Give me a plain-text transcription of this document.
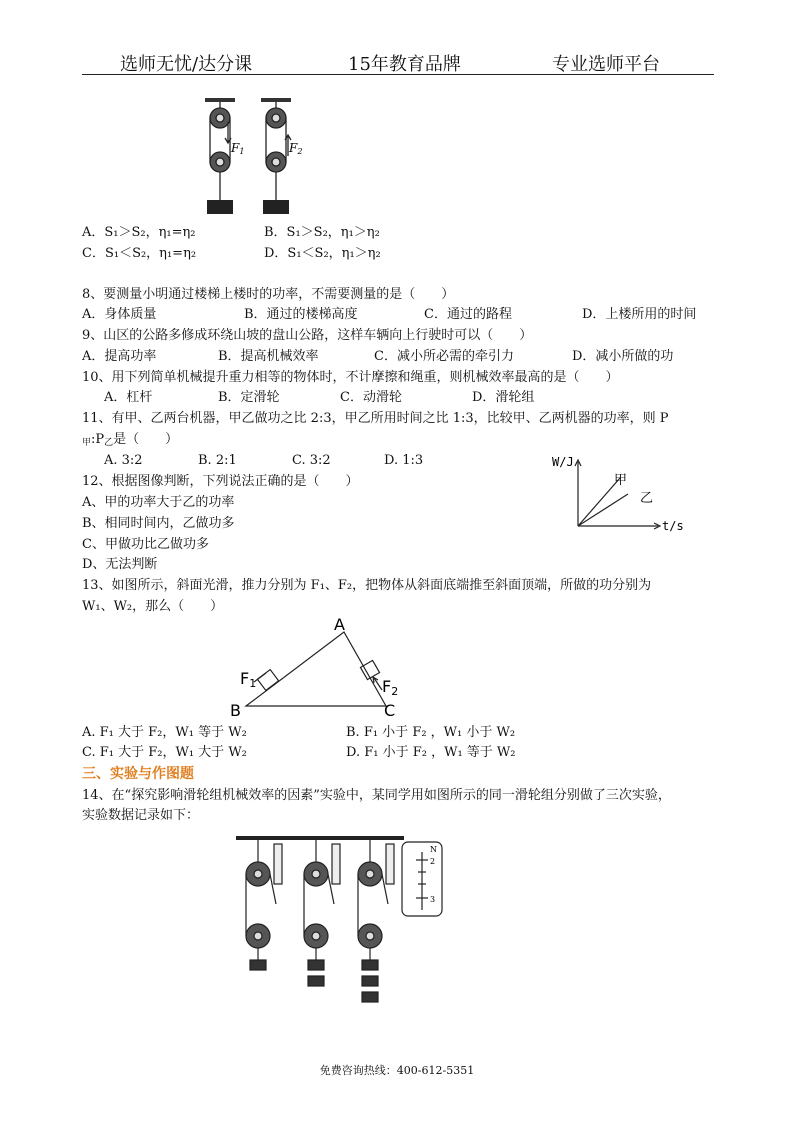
选师无忧/达分课	15年教育品牌	专业选师平台
F1	F2
A．S₁＞S₂，η₁=η₂	B．S₁＞S₂，η₁＞η₂
C．S₁＜S₂，η₁=η₂	D．S₁＜S₂，η₁＞η₂
8、要测量小明通过楼梯上楼时的功率，不需要测量的是（　　）
A．身体质量	B．通过的楼梯高度	C．通过的路程	D．上楼所用的时间
9、山区的公路多修成环绕山坡的盘山公路，这样车辆向上行驶时可以（　　）
A．提高功率	B．提高机械效率	C．减小所必需的牵引力	D．减小所做的功
10、用下列简单机械提升重力相等的物体时，不计摩擦和绳重，则机械效率最高的是（　　）
A．杠杆	B．定滑轮	C．动滑轮	D．滑轮组
11、有甲、乙两台机器，甲乙做功之比 2:3，甲乙所用时间之比 1:3，比较甲、乙两机器的功率，则 P
$_甲:P_乙$是（　　）
A. 3:2	B. 2:1	C. 3:2	D. 1:3	W/J
t/s
甲
乙
12、根据图像判断，下列说法正确的是（　　）
A、甲的功率大于乙的功率
B、相同时间内，乙做功多
C、甲做功比乙做功多
D、无法判断
13、如图所示，斜面光滑，推力分别为 F₁、F₂，把物体从斜面底端推至斜面顶端，所做的功分别为
W₁、W₂，那么（　　）
A
B	C
F1	F2
A. F₁ 大于 F₂，W₁ 等于 W₂	B. F₁ 小于 F₂ ，W₁ 小于 W₂
C. F₁ 大于 F₂，W₁ 大于 W₂	D. F₁ 小于 F₂ ，W₁ 等于 W₂
三、实验与作图题
14、在“探究影响滑轮组机械效率的因素”实验中，某同学用如图所示的同一滑轮组分别做了三次实验，
实验数据记录如下：
N
2
3
免费咨询热线：400-612-5351
